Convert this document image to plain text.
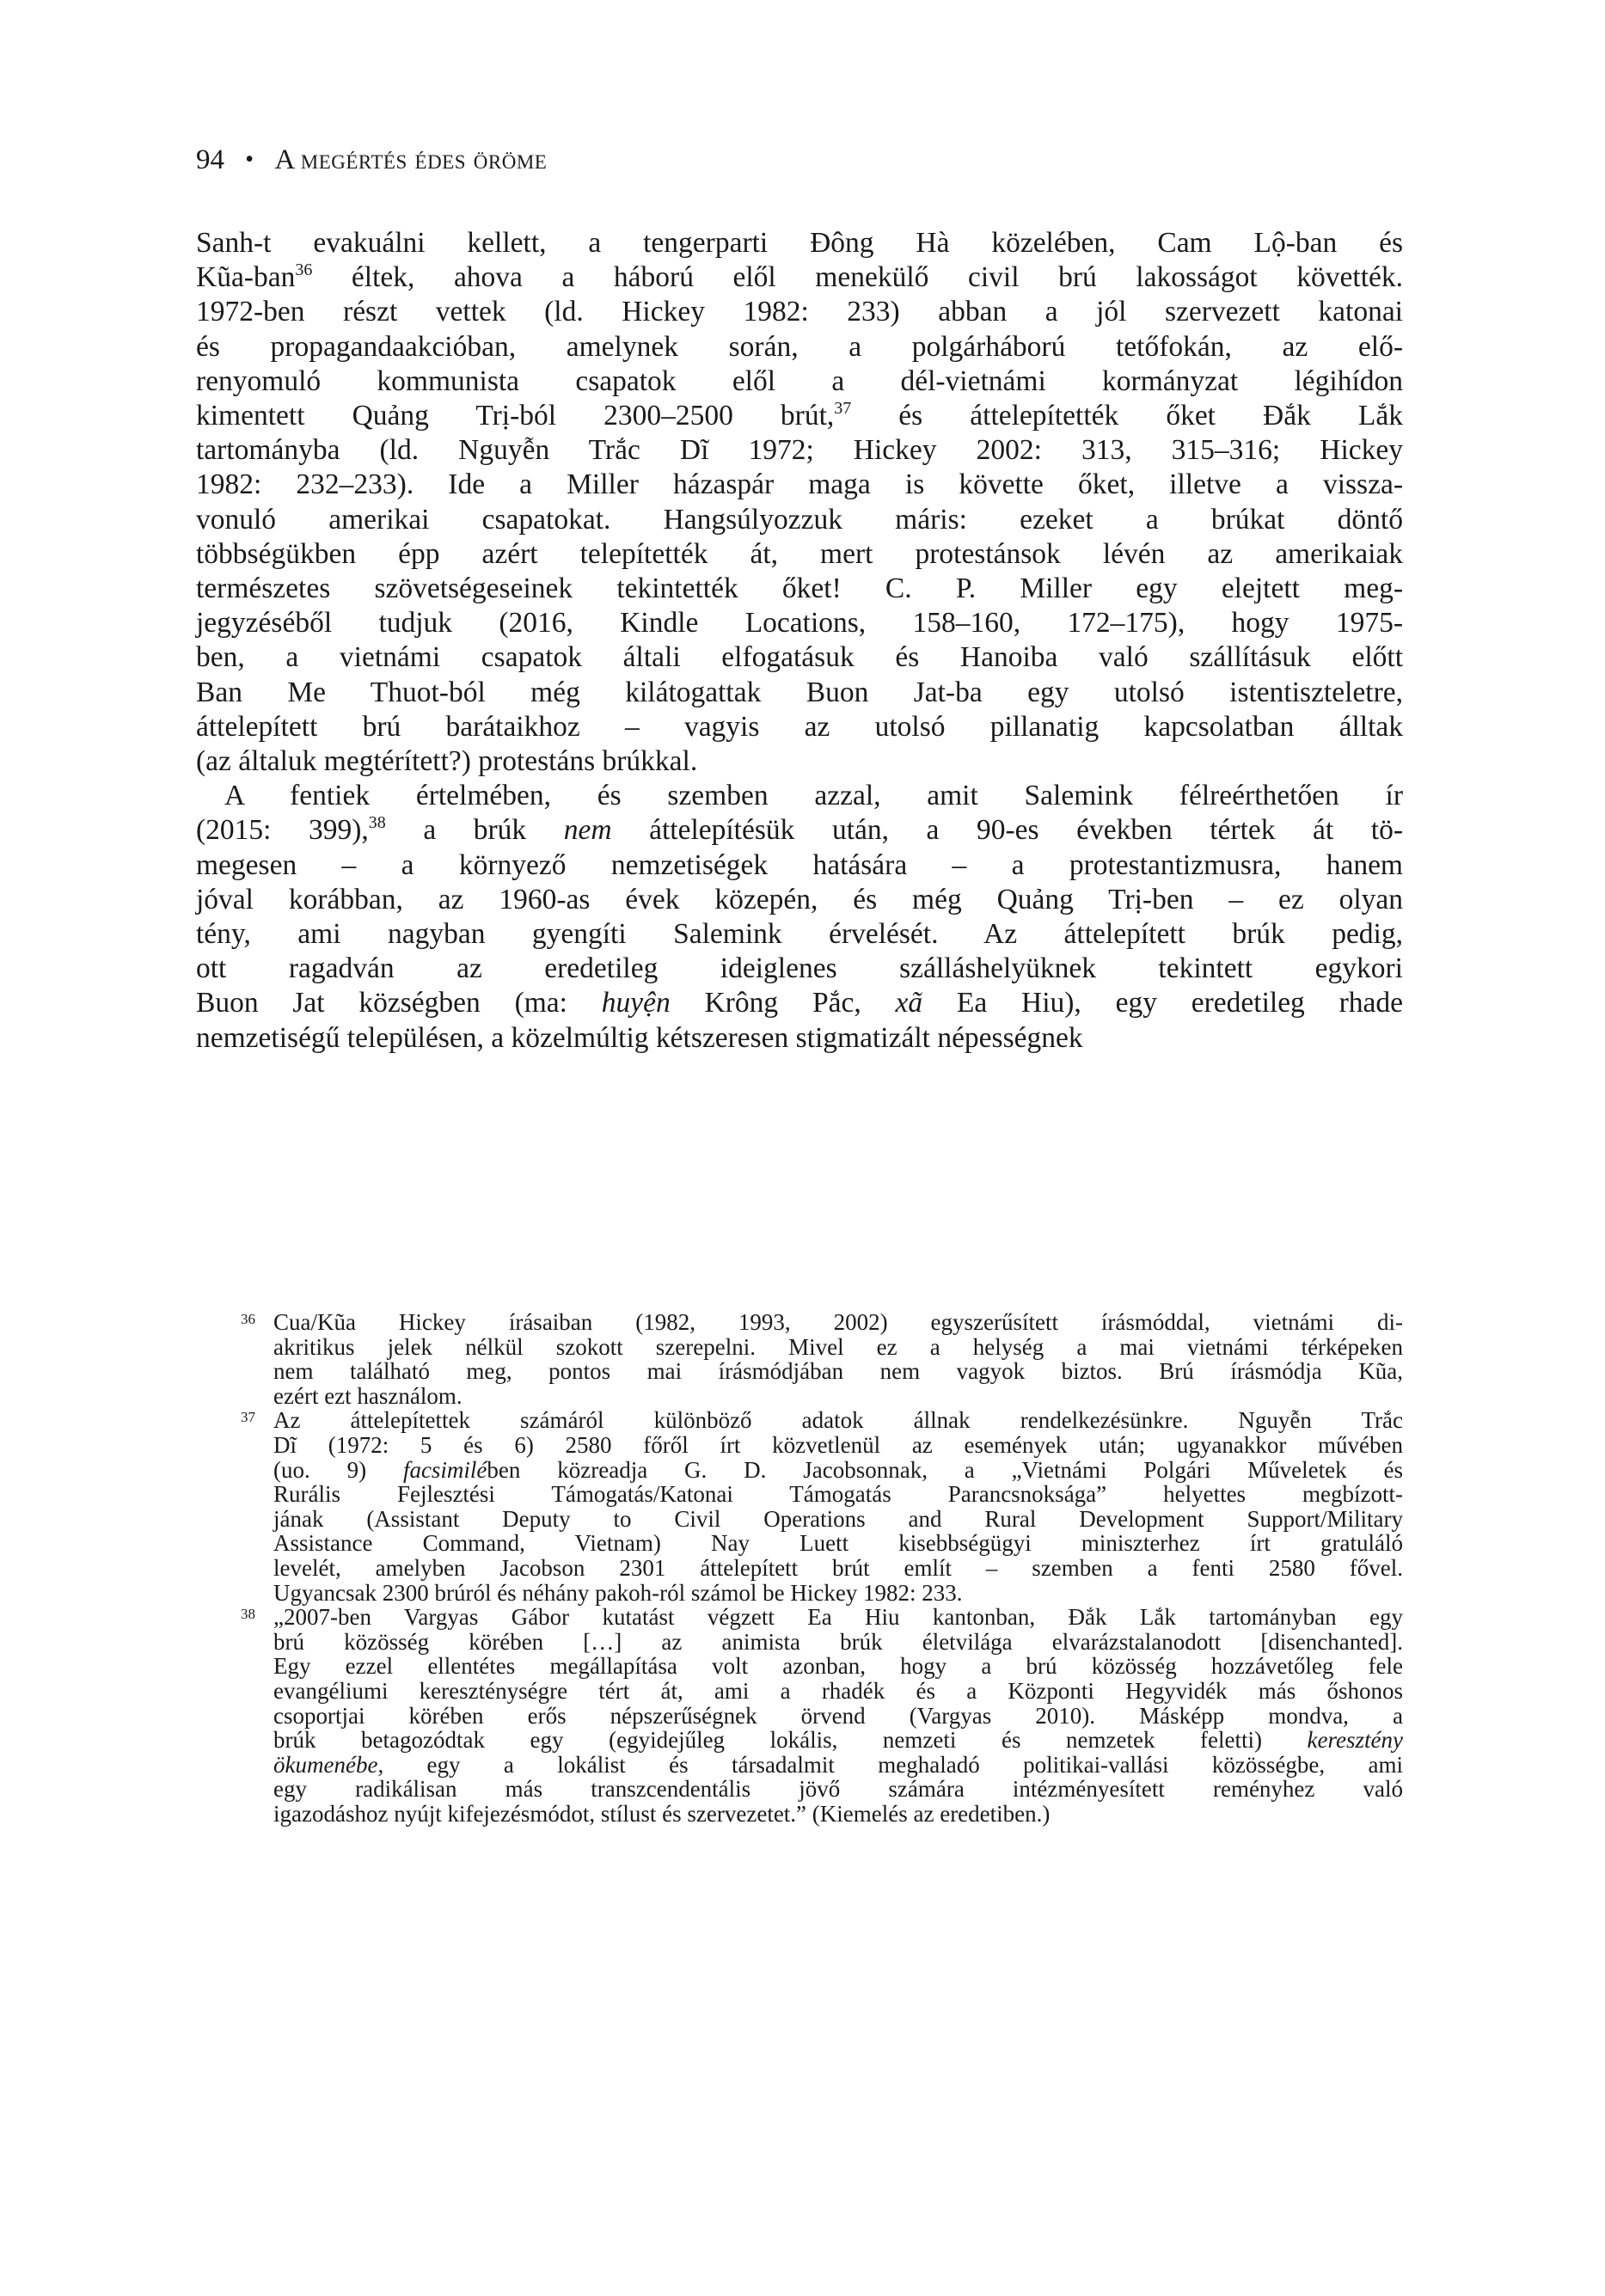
94 • A megértés édes öröme

Sanh-t evakuálni kellett, a tengerparti Đông Hà közelében, Cam Lộ-ban és
Kũa-ban$^{36}$ éltek, ahova a háború elől menekülő civil brú lakosságot követték.
1972-ben részt vettek (ld. Hickey 1982: 233) abban a jól szervezett katonai
és propagandaakcióban, amelynek során, a polgárháború tetőfokán, az elő-
renyomuló kommunista csapatok elől a dél-vietnámi kormányzat légihídon
kimentett Quảng Trị-ból 2300–2500 brút,$^{37}$ és áttelepítették őket Đắk Lắk
tartományba (ld. Nguyễn Trắc Dĩ 1972; Hickey 2002: 313, 315–316; Hickey
1982: 232–233). Ide a Miller házaspár maga is követte őket, illetve a vissza-
vonuló amerikai csapatokat. Hangsúlyozzuk máris: ezeket a brúkat döntő
többségükben épp azért telepítették át, mert protestánsok lévén az amerikaiak
természetes szövetségeseinek tekintették őket! C. P. Miller egy elejtett meg-
jegyzéséből tudjuk (2016, Kindle Locations, 158–160, 172–175), hogy 1975-
ben, a vietnámi csapatok általi elfogatásuk és Hanoiba való szállításuk előtt
Ban Me Thuot-ból még kilátogattak Buon Jat-ba egy utolsó istentiszteletre,
áttelepített brú barátaikhoz – vagyis az utolsó pillanatig kapcsolatban álltak
(az általuk megtérített?) protestáns brúkkal.

A fentiek értelmében, és szemben azzal, amit Salemink félreérthetően ír
(2015: 399),$^{38}$ a brúk nem áttelepítésük után, a 90-es években tértek át tö-
megesen – a környező nemzetiségek hatására – a protestantizmusra, hanem
jóval korábban, az 1960-as évek közepén, és még Quảng Trị-ben – ez olyan
tény, ami nagyban gyengíti Salemink érvelését. Az áttelepített brúk pedig,
ott ragadván az eredetileg ideiglenes szálláshelyüknek tekintett egykori
Buon Jat községben (ma: huyện Krông Pắc, xã Ea Hiu), egy eredetileg rhade
nemzetiségű településen, a közelmúltig kétszeresen stigmatizált népességnek

36 Cua/Kũa Hickey írásaiban (1982, 1993, 2002) egyszerűsített írásmóddal, vietnámi di-
akritikus jelek nélkül szokott szerepelni. Mivel ez a helység a mai vietnámi térképeken
nem található meg, pontos mai írásmódjában nem vagyok biztos. Brú írásmódja Kũa,
ezért ezt használom.
37 Az áttelepítettek számáról különböző adatok állnak rendelkezésünkre. Nguyễn Trắc
Dĩ (1972: 5 és 6) 2580 főről írt közvetlenül az események után; ugyanakkor művében
(uo. 9) facsimilében közreadja G. D. Jacobsonnak, a „Vietnámi Polgári Műveletek és
Rurális Fejlesztési Támogatás/Katonai Támogatás Parancsnoksága” helyettes megbízott-
jának (Assistant Deputy to Civil Operations and Rural Development Support/Military
Assistance Command, Vietnam) Nay Luett kisebbségügyi miniszterhez írt gratuláló
levelét, amelyben Jacobson 2301 áttelepített brút említ – szemben a fenti 2580 fővel.
Ugyancsak 2300 brúról és néhány pakoh-ról számol be Hickey 1982: 233.
38 „2007-ben Vargyas Gábor kutatást végzett Ea Hiu kantonban, Đắk Lắk tartományban egy
brú közösség körében […] az animista brúk életvilága elvarázstalanodott [disenchanted].
Egy ezzel ellentétes megállapítása volt azonban, hogy a brú közösség hozzávetőleg fele
evangéliumi kereszténységre tért át, ami a rhadék és a Központi Hegyvidék más őshonos
csoportjai körében erős népszerűségnek örvend (Vargyas 2010). Másképp mondva, a
brúk betagozódtak egy (egyidejűleg lokális, nemzeti és nemzetek feletti) keresztény
ökumenébe, egy a lokálist és társadalmit meghaladó politikai-vallási közösségbe, ami
egy radikálisan más transzcendentális jövő számára intézményesített reményhez való
igazodáshoz nyújt kifejezésmódot, stílust és szervezetet.” (Kiemelés az eredetiben.)
